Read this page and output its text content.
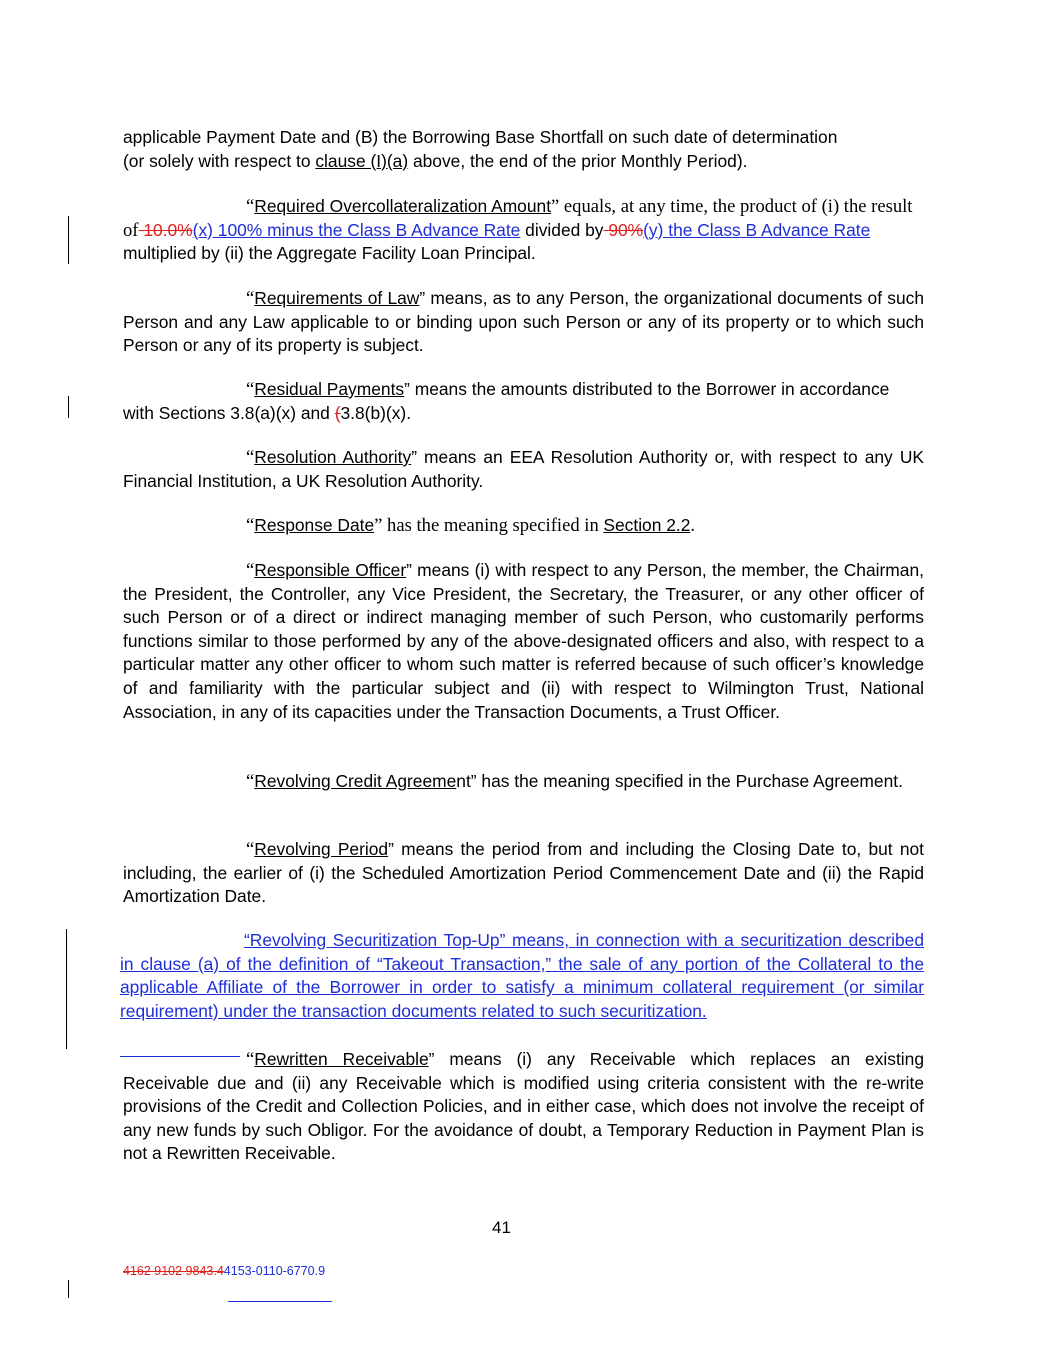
applicable Payment Date and (B) the Borrowing Base Shortfall on such date of determination
(or solely with respect to clause (I)(a) above, the end of the prior Monthly Period).
“Required Overcollateralization Amount” equals, at any time, the product of (i) the result of 10.0%(x) 100% minus the Class B Advance Rate divided by 90%(y) the Class B Advance Rate multiplied by (ii) the Aggregate Facility Loan Principal.
“Requirements of Law” means, as to any Person, the organizational documents of such Person and any Law applicable to or binding upon such Person or any of its property or to which such Person or any of its property is subject.
“Residual Payments” means the amounts distributed to the Borrower in accordance with Sections 3.8(a)(x) and (3.8(b)(x).
“Resolution Authority” means an EEA Resolution Authority or, with respect to any UK Financial Institution, a UK Resolution Authority.
“Response Date” has the meaning specified in Section 2.2.
“Responsible Officer” means (i) with respect to any Person, the member, the Chairman, the President, the Controller, any Vice President, the Secretary, the Treasurer, or any other officer of such Person or of a direct or indirect managing member of such Person, who customarily performs functions similar to those performed by any of the above-designated officers and also, with respect to a particular matter any other officer to whom such matter is referred because of such officer’s knowledge of and familiarity with the particular subject and (ii) with respect to Wilmington Trust, National Association, in any of its capacities under the Transaction Documents, a Trust Officer.
“Revolving Credit Agreement” has the meaning specified in the Purchase Agreement.
“Revolving Period” means the period from and including the Closing Date to, but not including, the earlier of (i) the Scheduled Amortization Period Commencement Date and (ii) the Rapid Amortization Date.
“Revolving Securitization Top-Up” means, in connection with a securitization described in clause (a) of the definition of “Takeout Transaction,” the sale of any portion of the Collateral to the applicable Affiliate of the Borrower in order to satisfy a minimum collateral requirement (or similar requirement) under the transaction documents related to such securitization.
“Rewritten Receivable” means (i) any Receivable which replaces an existing Receivable due and (ii) any Receivable which is modified using criteria consistent with the re-write provisions of the Credit and Collection Policies, and in either case, which does not involve the receipt of any new funds by such Obligor. For the avoidance of doubt, a Temporary Reduction in Payment Plan is not a Rewritten Receivable.
41
4162 9102 9843.44153-0110-6770.9
